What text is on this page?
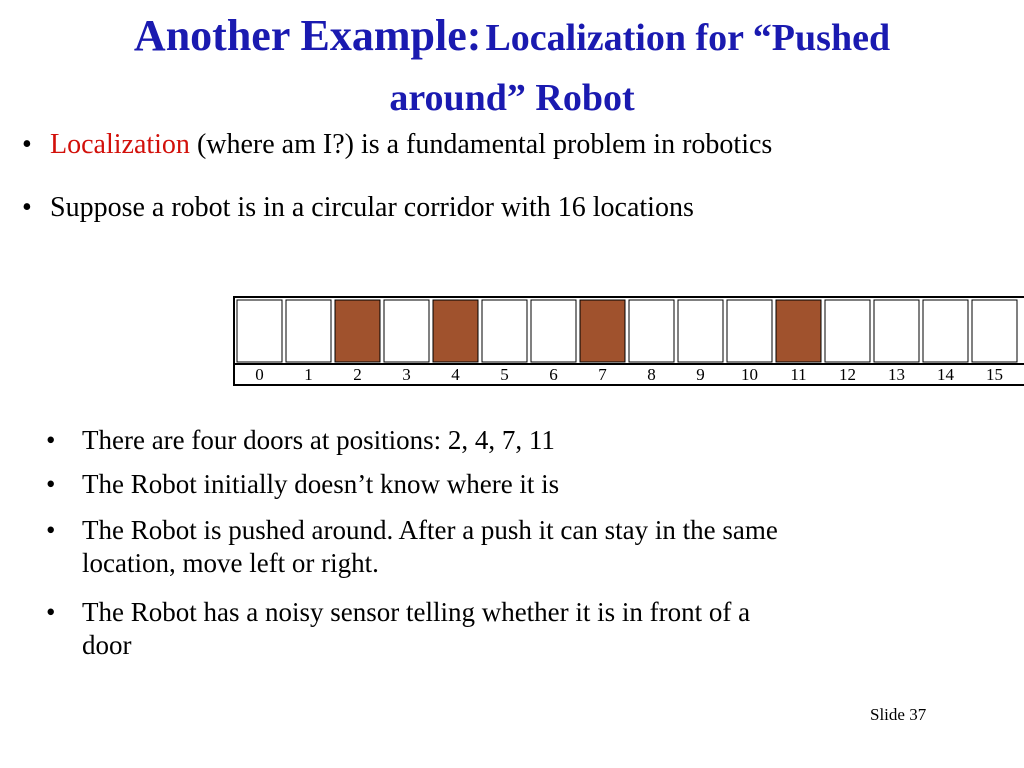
Another Example: Localization for “Pushed
around” Robot
• Localization (where am I?) is a fundamental problem in robotics
• Suppose a robot is in a circular corridor with 16 locations
0 1 2 3 4 5 6 7 8 9 10 11 12 13 14 15
• There are four doors at positions: 2, 4, 7, 11
• The Robot initially doesn’t know where it is
• The Robot is pushed around. After a push it can stay in the same
location, move left or right.
• The Robot has a noisy sensor telling whether it is in front of a
door
Slide 37
